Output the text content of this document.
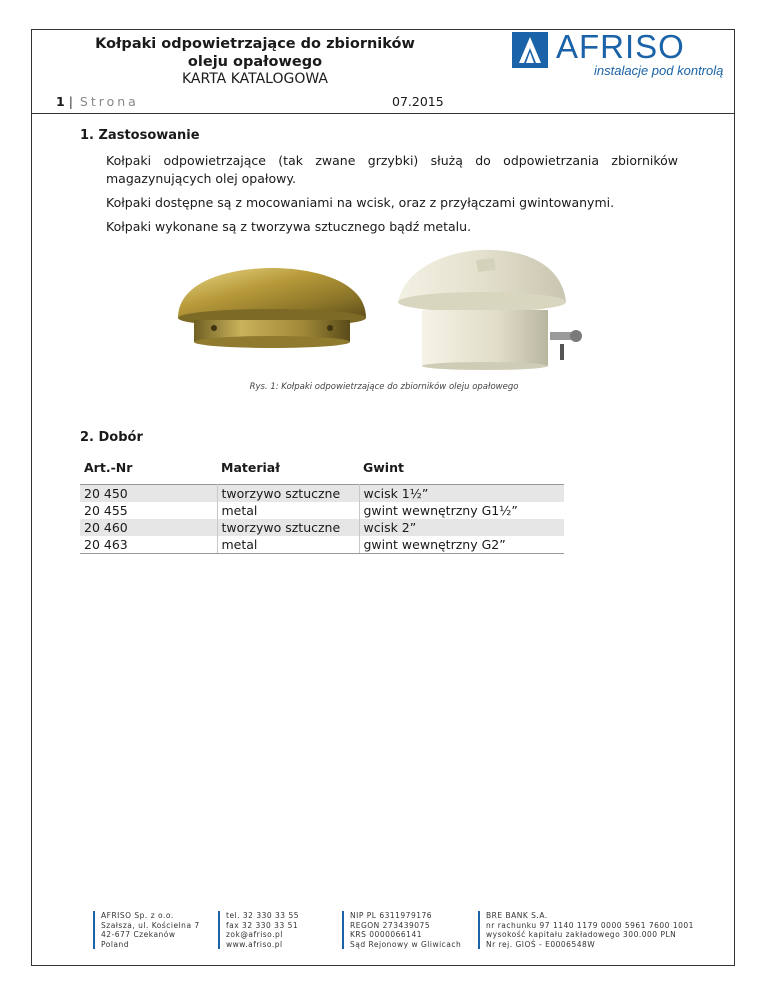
Kołpaki odpowietrzające do zbiorników
oleju opałowego
KARTA KATALOGOWA
1 | Strona	07.2015
AFRISO
instalacje pod kontrolą
1. Zastosowanie
Kołpaki odpowietrzające (tak zwane grzybki) służą do odpowietrzania zbiorników magazynujących olej opałowy.
Kołpaki dostępne są z mocowaniami na wcisk, oraz z przyłączami gwintowanymi.
Kołpaki wykonane są z tworzywa sztucznego bądź metalu.
Rys. 1: Kołpaki odpowietrzające do zbiorników oleju opałowego
2. Dobór
Art.-Nr	Materiał	Gwint

20 450	tworzywo sztuczne	wcisk 1½”
20 455	metal	gwint wewnętrzny G1½”
20 460	tworzywo sztuczne	wcisk 2”
20 463	metal	gwint wewnętrzny G2”
AFRISO Sp. z o.o.
Szałsza, ul. Kościelna 7
42-677 Czekanów
Poland
tel. 32 330 33 55
fax 32 330 33 51
zok@afriso.pl
www.afriso.pl
NIP PL 6311979176
REGON 273439075
KRS 0000066141
Sąd Rejonowy w Gliwicach
BRE BANK S.A.
nr rachunku 97 1140 1179 0000 5961 7600 1001
wysokość kapitału zakładowego 300.000 PLN
Nr rej. GIOŚ - E0006548W
